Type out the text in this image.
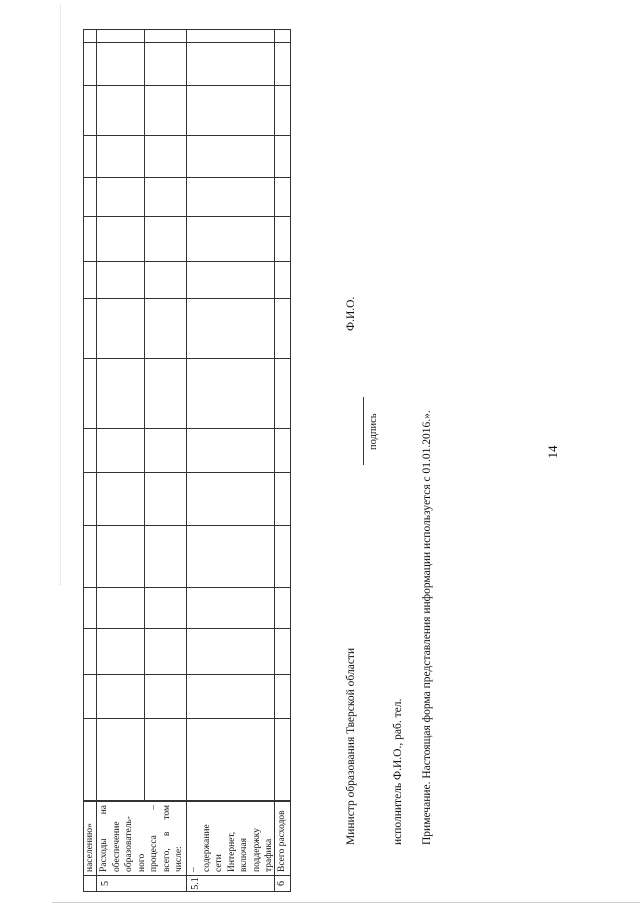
14
населению»
5
Расходы на обеспечение образователь- ного процесса – всего, в том числе:
5.1
– содержание сети Интернет, включая поддержку трафика
6
Всего расходов	Министр образования Тверской области
подпись
Ф.И.О.
исполнитель Ф.И.О., раб. тел. Примечание. Настоящая форма представления информации используется с 01.01.2016.».
